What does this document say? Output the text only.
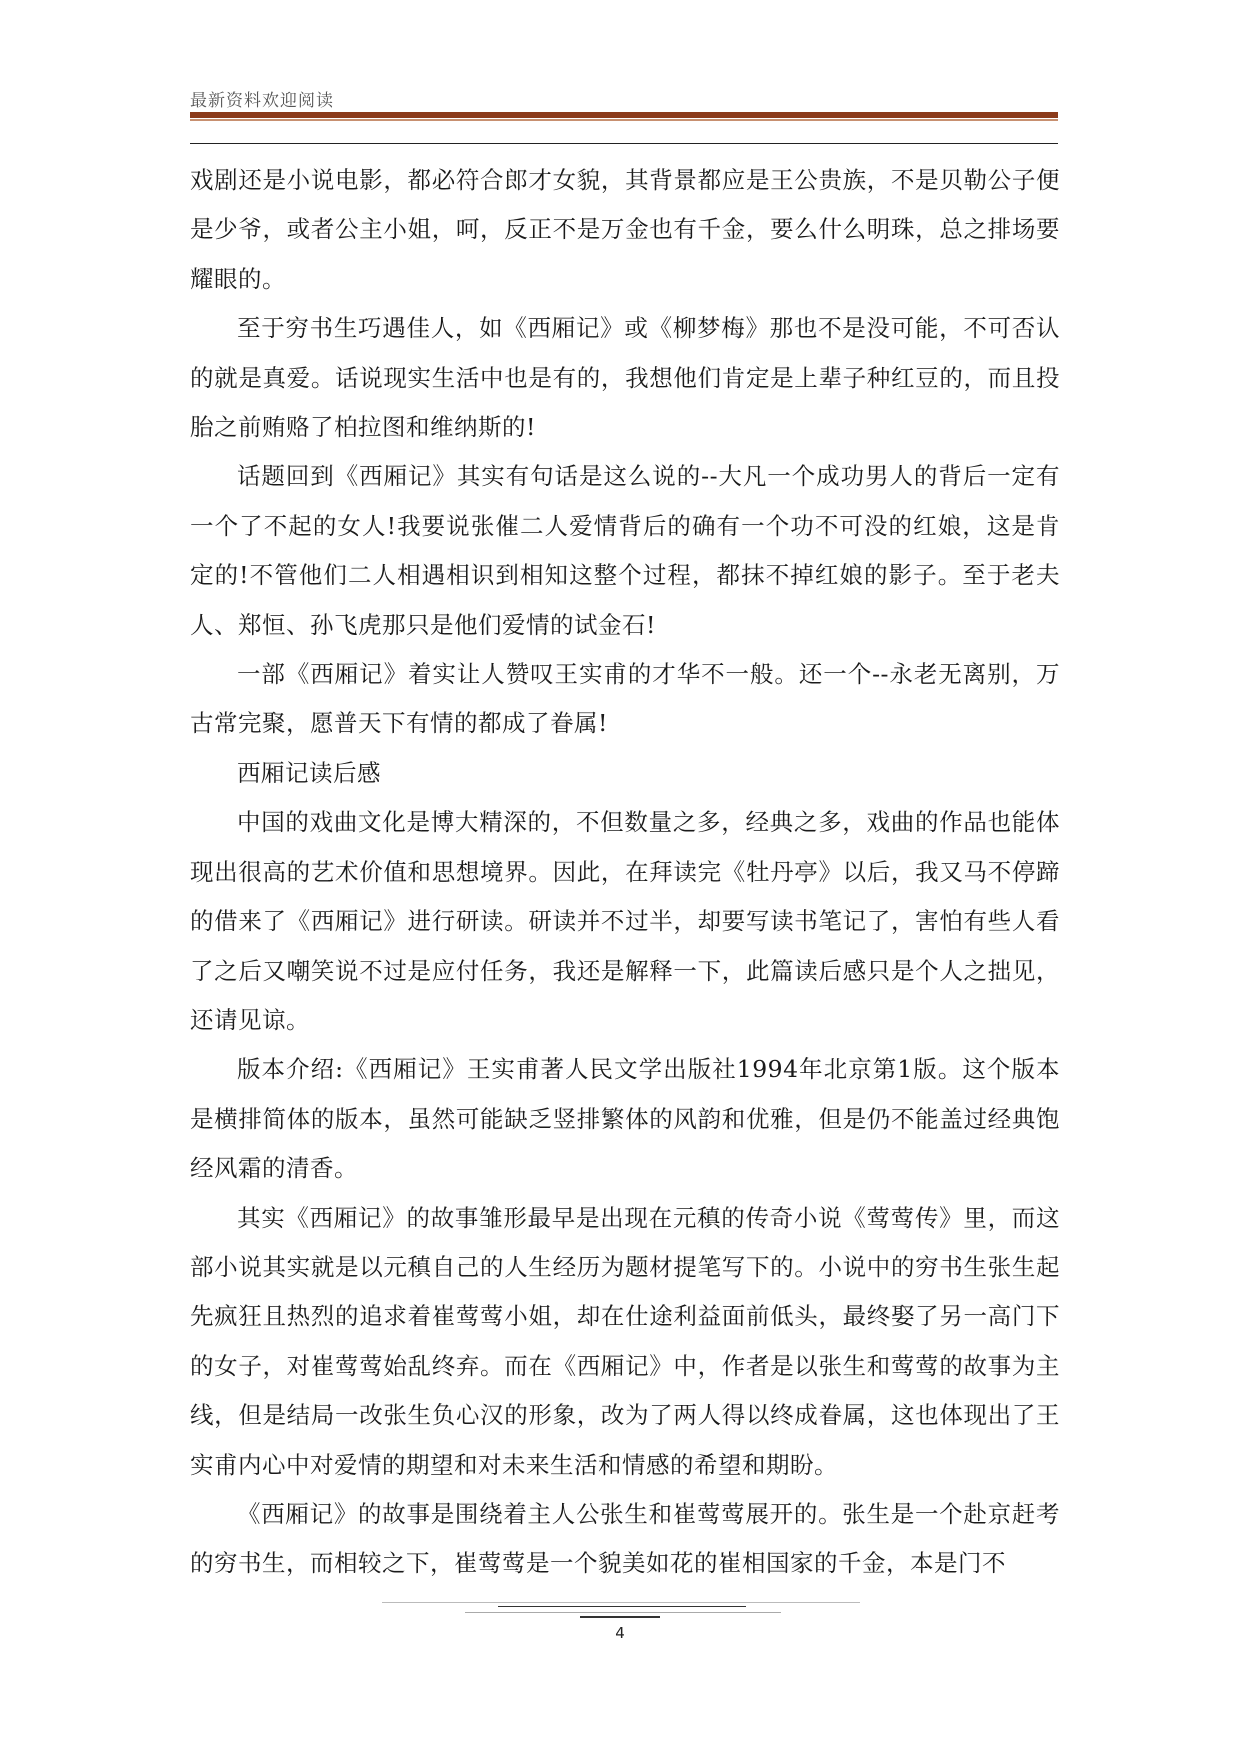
最新资料欢迎阅读

戏剧还是小说电影，都必符合郎才女貌，其背景都应是王公贵族，不是贝勒公子便是少爷，或者公主小姐，呵，反正不是万金也有千金，要么什么明珠，总之排场要耀眼的。

至于穷书生巧遇佳人，如《西厢记》或《柳梦梅》那也不是没可能，不可否认的就是真爱。话说现实生活中也是有的，我想他们肯定是上辈子种红豆的，而且投胎之前贿赂了柏拉图和维纳斯的!

话题回到《西厢记》其实有句话是这么说的--大凡一个成功男人的背后一定有一个了不起的女人!我要说张催二人爱情背后的确有一个功不可没的红娘，这是肯定的!不管他们二人相遇相识到相知这整个过程，都抹不掉红娘的影子。至于老夫人、郑恒、孙飞虎那只是他们爱情的试金石!

一部《西厢记》着实让人赞叹王实甫的才华不一般。还一个--永老无离别，万古常完聚，愿普天下有情的都成了眷属!

西厢记读后感

中国的戏曲文化是博大精深的，不但数量之多，经典之多，戏曲的作品也能体现出很高的艺术价值和思想境界。因此，在拜读完《牡丹亭》以后，我又马不停蹄的借来了《西厢记》进行研读。研读并不过半，却要写读书笔记了，害怕有些人看了之后又嘲笑说不过是应付任务，我还是解释一下，此篇读后感只是个人之拙见，还请见谅。

版本介绍:《西厢记》王实甫著人民文学出版社1994年北京第1版。这个版本是横排简体的版本，虽然可能缺乏竖排繁体的风韵和优雅，但是仍不能盖过经典饱经风霜的清香。

其实《西厢记》的故事雏形最早是出现在元稹的传奇小说《莺莺传》里，而这部小说其实就是以元稹自己的人生经历为题材提笔写下的。小说中的穷书生张生起先疯狂且热烈的追求着崔莺莺小姐，却在仕途利益面前低头，最终娶了另一高门下的女子，对崔莺莺始乱终弃。而在《西厢记》中，作者是以张生和莺莺的故事为主线，但是结局一改张生负心汉的形象，改为了两人得以终成眷属，这也体现出了王实甫内心中对爱情的期望和对未来生活和情感的希望和期盼。

《西厢记》的故事是围绕着主人公张生和崔莺莺展开的。张生是一个赴京赶考的穷书生，而相较之下，崔莺莺是一个貌美如花的崔相国家的千金，本是门不

4
